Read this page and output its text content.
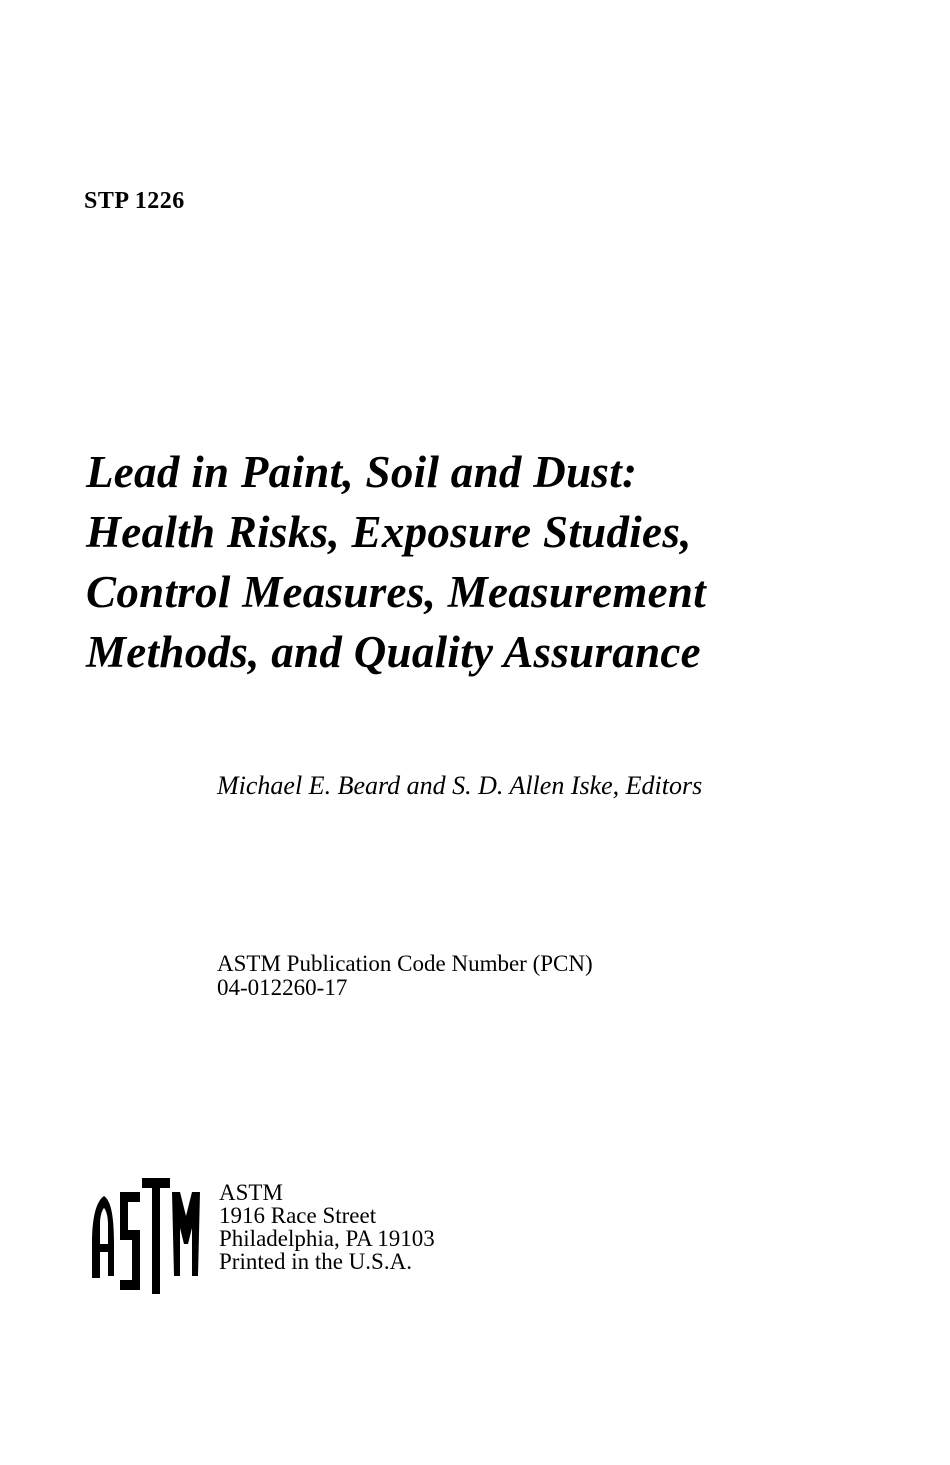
STP 1226
Lead in Paint, Soil and Dust:
Health Risks, Exposure Studies,
Control Measures, Measurement
Methods, and Quality Assurance
Michael E. Beard and S. D. Allen Iske, Editors
ASTM Publication Code Number (PCN)
04-012260-17
ASTM
1916 Race Street
Philadelphia, PA 19103
Printed in the U.S.A.
